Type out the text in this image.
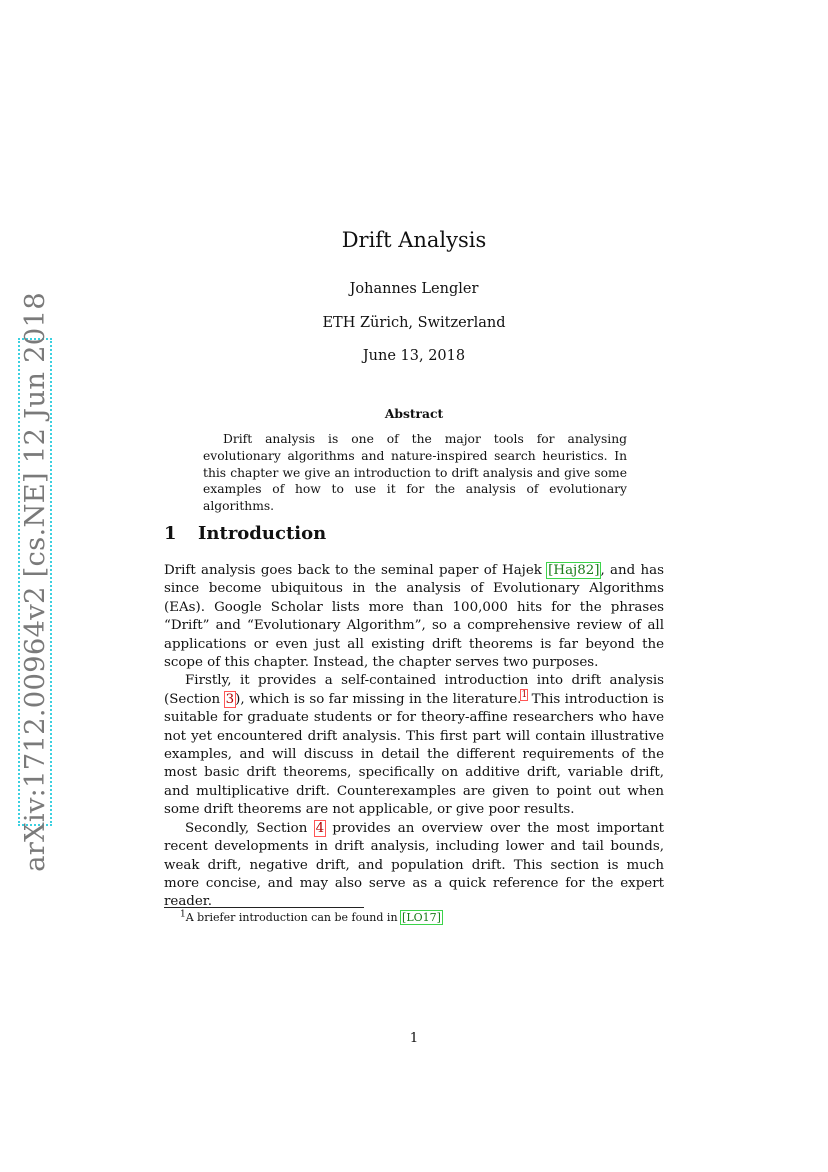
arXiv:1712.00964v2 [cs.NE] 12 Jun 2018
Drift Analysis
Johannes Lengler
ETH Zürich, Switzerland
June 13, 2018
Abstract

Drift analysis is one of the major tools for analysing evolutionary algorithms and nature-inspired search heuristics. In this chapter we give an introduction to drift analysis and give some examples of how to use it for the analysis of evolutionary algorithms.

1 Introduction

Drift analysis goes back to the seminal paper of Hajek [Haj82], and has since become ubiquitous in the analysis of Evolutionary Algorithms (EAs). Google Scholar lists more than 100,000 hits for the phrases “Drift” and “Evolutionary Algorithm”, so a comprehensive review of all applications or even just all existing drift theorems is far beyond the scope of this chapter. Instead, the chapter serves two purposes.

Firstly, it provides a self-contained introduction into drift analysis (Section 3), which is so far missing in the literature.$^1$ This introduction is suitable for graduate students or for theory-affine researchers who have not yet encountered drift analysis. This first part will contain illustrative examples, and will discuss in detail the different requirements of the most basic drift theorems, specifically on additive drift, variable drift, and multiplicative drift. Counterexamples are given to point out when some drift theorems are not applicable, or give poor results.

Secondly, Section 4 provides an overview over the most important recent developments in drift analysis, including lower and tail bounds, weak drift, negative drift, and population drift. This section is much more concise, and may also serve as a quick reference for the expert reader.

$^1$A briefer introduction can be found in [LO17]
1
